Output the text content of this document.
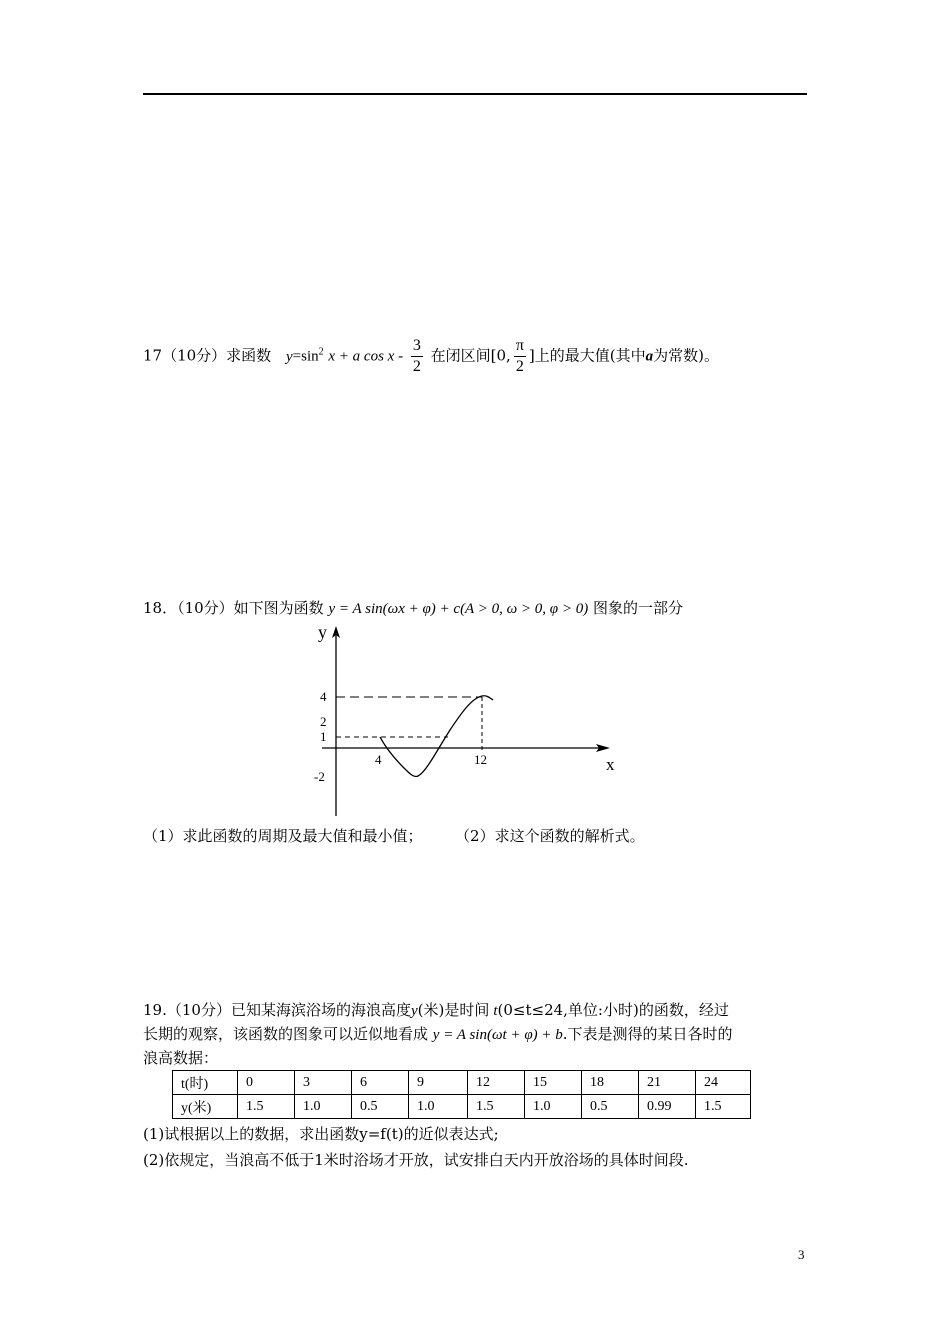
17（10分）求函数 $y=\sin^2$ x + a cos x - $\frac{3}{2}$ 在闭区间[0, $\frac{\pi}{2}$ ]上的最大值(其中a为常数)。
18．（10分）如下图为函数 y = A sin(ωx + φ) + c(A > 0, ω > 0, φ > 0) 图象的一部分
y
x
4
2
1
-2
4	12
（1）求此函数的周期及最大值和最小值；	（2）求这个函数的解析式。
19.（10分）已知某海滨浴场的海浪高度y(米)是时间 t(0≤t≤24,单位:小时)的函数，经过
长期的观察，该函数的图象可以近似地看成 y = A sin(ωt + φ) + b.下表是测得的某日各时的
浪高数据：
t(时)	0	3	6	9	12	15	18	21	24
y(米)	1.5	1.0	0.5	1.0	1.5	1.0	0.5	0.99	1.5
(1)试根据以上的数据，求出函数y=f(t)的近似表达式;
(2)依规定，当浪高不低于1米时浴场才开放，试安排白天内开放浴场的具体时间段.
3
